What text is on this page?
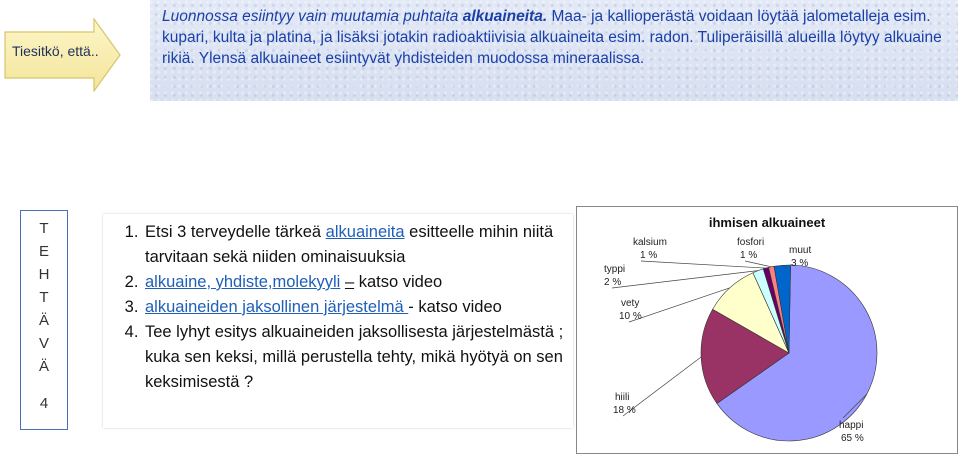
Tiesitkö, että..
Luonnossa esiintyy vain muutamia puhtaita alkuaineita. Maa- ja kallioperästä voidaan löytää jalometalleja esim. kupari, kulta ja platina, ja lisäksi jotakin radioaktiivisia alkuaineita esim. radon. Tuliperäisillä alueilla löytyy alkuaine rikiä. Ylensä alkuaineet esiintyvät yhdisteiden muodossa mineraalissa.
T
E
H
T
Ä
V
Ä
4
1. Etsi 3 terveydelle tärkeä alkuaineita esitteelle mihin niitä tarvitaan sekä niiden ominaisuuksia
2. alkuaine, yhdiste,molekyyli – katso video
3. alkuaineiden jaksollinen järjestelmä - katso video
4. Tee lyhyt esitys alkuaineiden jaksollisesta järjestelmästä ; kuka sen keksi, millä perustella tehty, mikä hyötyä on sen keksimisestä ?
ihmisen alkuaineet
happi
65 %
hiili
18 %
vety
10 %
typpi
2 %
kalsium
1 %
fosfori
1 %	muut
3 %
